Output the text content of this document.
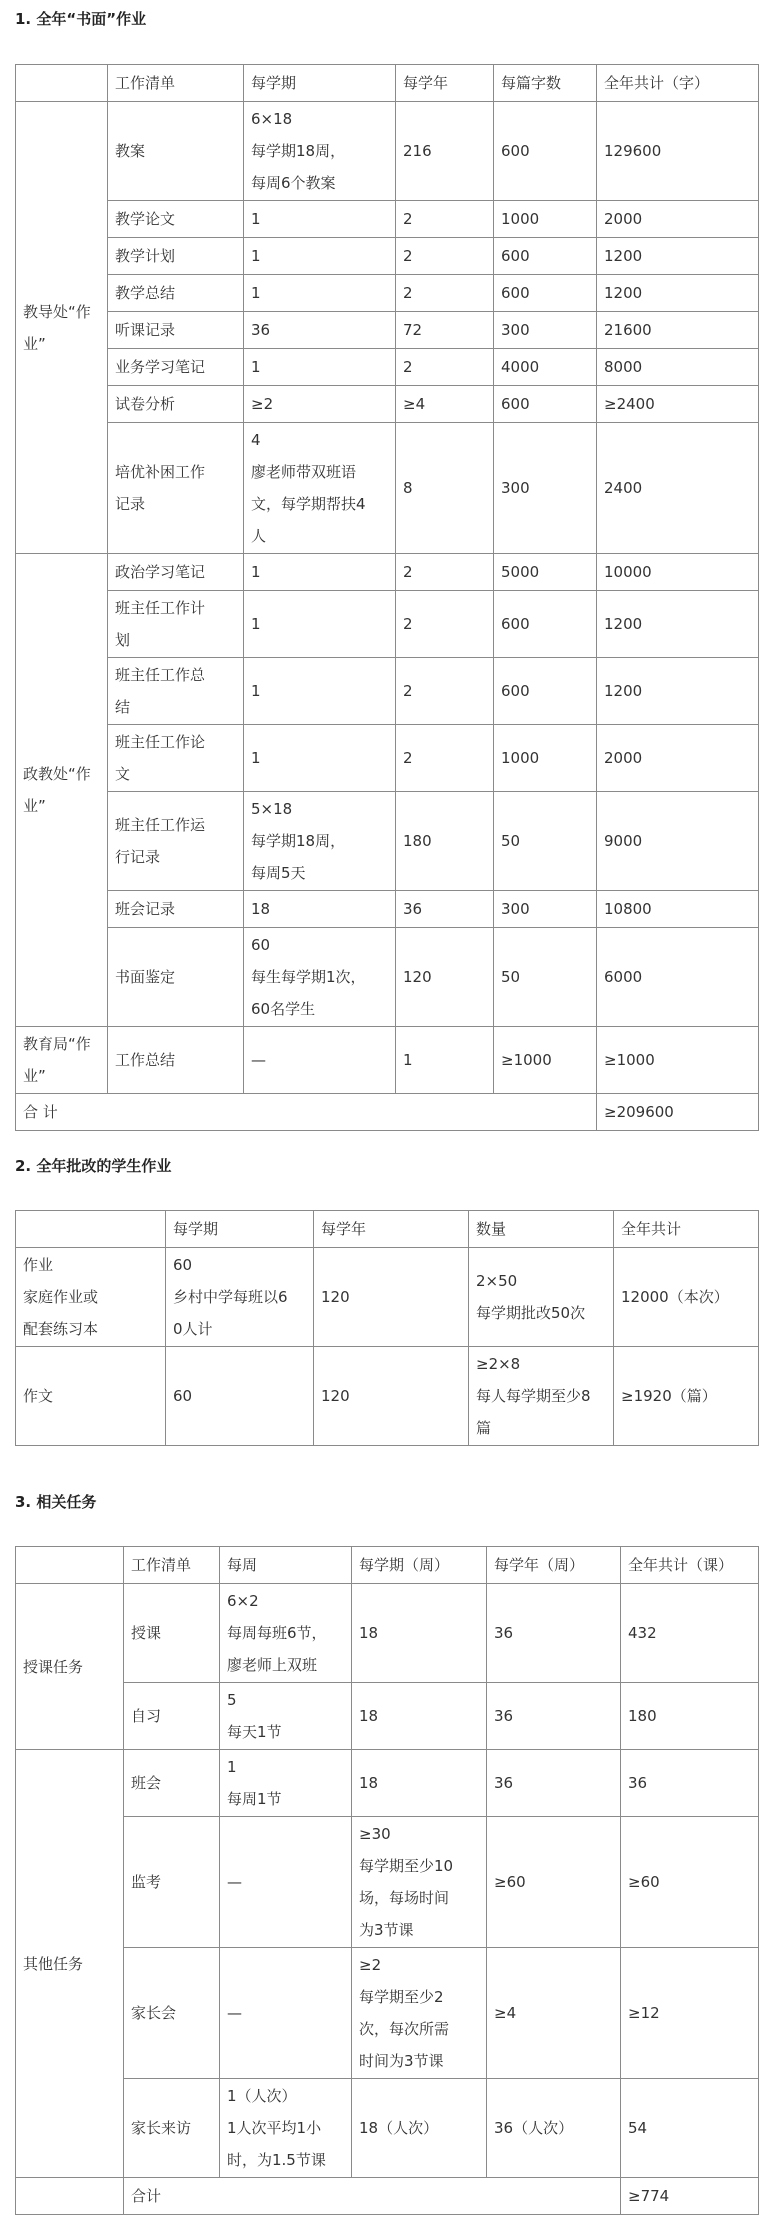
1. 全年“书面”作业
	工作清单	每学期	每学年	每篇字数	全年共计（字）

教导处“作
业”	教案	6×18
每学期18周，
每周6个教案	216	600	129600

	教学论文	1	2	1000	2000

	教学计划	1	2	600	1200

	教学总结	1	2	600	1200

	听课记录	36	72	300	21600

	业务学习笔记	1	2	4000	8000

	试卷分析	≥2	≥4	600	≥2400

	培优补困工作
记录	4
廖老师带双班语
文，每学期帮扶4
人	8	300	2400

政教处“作
业”	政治学习笔记	1	2	5000	10000

	班主任工作计
划	1	2	600	1200

	班主任工作总
结	1	2	600	1200

	班主任工作论
文	1	2	1000	2000

	班主任工作运
行记录	5×18
每学期18周，
每周5天	180	50	9000

	班会记录	18	36	300	10800

	书面鉴定	60
每生每学期1次，
60名学生	120	50	6000

教育局“作
业”	工作总结	—	1	≥1000	≥1000
合 计					≥209600
2. 全年批改的学生作业
	每学期	每学年	数量	全年共计

作业
家庭作业或
配套练习本	60
乡村中学每班以6
0人计	120	2×50
每学期批改50次	12000（本次）

作文	60	120	≥2×8
每人每学期至少8
篇	≥1920（篇）
3. 相关任务
	工作清单	每周	每学期（周）	每学年（周）	全年共计（课）
授课任务	授课	6×2
每周每班6节，
廖老师上双班	18	36	432
	自习	5
每天1节	18	36	180
其他任务	班会	1
每周1节	18	36	36
	监考	—	≥30
每学期至少10
场，每场时间
为3节课	≥60	≥60
	家长会	—	≥2
每学期至少2
次，每次所需
时间为3节课	≥4	≥12
	家长来访	1（人次）
1人次平均1小
时，为1.5节课	18（人次）	36（人次）	54
	合计				≥774
